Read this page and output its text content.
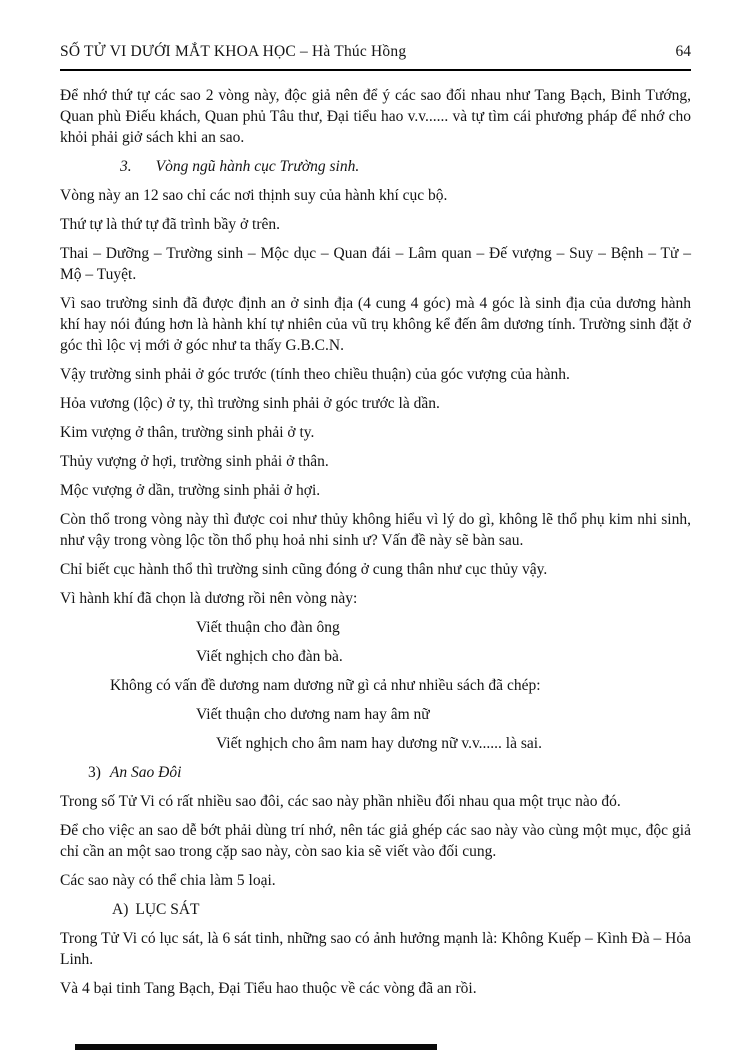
SỐ TỬ VI DƯỚI MẮT KHOA HỌC – Hà Thúc Hồng	64

Để nhớ thứ tự các sao 2 vòng này, độc giả nên để ý các sao đối nhau như Tang Bạch, Binh Tướng, Quan phù Điếu khách, Quan phủ Tâu thư, Đại tiểu hao v.v...... và tự tìm cái phương pháp để nhớ cho khỏi phải giở sách khi an sao.

3. Vòng ngũ hành cục Trường sinh.

Vòng này an 12 sao chỉ các nơi thịnh suy của hành khí cục bộ.

Thứ tự là thứ tự đã trình bầy ở trên.

Thai – Dưỡng – Trường sinh – Mộc dục – Quan đái – Lâm quan – Đế vượng – Suy – Bệnh – Tử – Mộ – Tuyệt.

Vì sao trường sinh đã được định an ở sinh địa (4 cung 4 góc) mà 4 góc là sinh địa của dương hành khí hay nói đúng hơn là hành khí tự nhiên của vũ trụ không kể đến âm dương tính. Trường sinh đặt ở góc thì lộc vị mới ở góc như ta thấy G.B.C.N.

Vậy trường sinh phải ở góc trước (tính theo chiều thuận) của góc vượng của hành.

Hỏa vương (lộc) ở ty, thì trường sinh phải ở góc trước là dần.

Kim vượng ở thân, trường sinh phải ở ty.

Thủy vượng ở hợi, trường sinh phải ở thân.

Mộc vượng ở dần, trường sinh phải ở hợi.

Còn thổ trong vòng này thì được coi như thủy không hiểu vì lý do gì, không lẽ thổ phụ kim nhi sinh, như vậy trong vòng lộc tồn thổ phụ hoả nhi sinh ư? Vấn đề này sẽ bàn sau.

Chỉ biết cục hành thổ thì trường sinh cũng đóng ở cung thân như cục thủy vậy.

Vì hành khí đã chọn là dương rồi nên vòng này:

Viết thuận cho đàn ông

Viết nghịch cho đàn bà.

Không có vấn đề dương nam dương nữ gì cả như nhiều sách đã chép:

Viết thuận cho dương nam hay âm nữ

Viết nghịch cho âm nam hay dương nữ v.v...... là sai.

3) An Sao Đôi

Trong số Tử Vi có rất nhiều sao đôi, các sao này phần nhiều đối nhau qua một trục nào đó.

Để cho việc an sao dễ bớt phải dùng trí nhớ, nên tác giả ghép các sao này vào cùng một mục, độc giả chỉ cần an một sao trong cặp sao này, còn sao kia sẽ viết vào đối cung.

Các sao này có thể chia làm 5 loại.

A) LỤC SÁT

Trong Tử Vi có lục sát, là 6 sát tinh, những sao có ảnh hưởng mạnh là: Không Kuếp – Kình Đà – Hỏa Linh.

Và 4 bại tinh Tang Bạch, Đại Tiểu hao thuộc về các vòng đã an rồi.
